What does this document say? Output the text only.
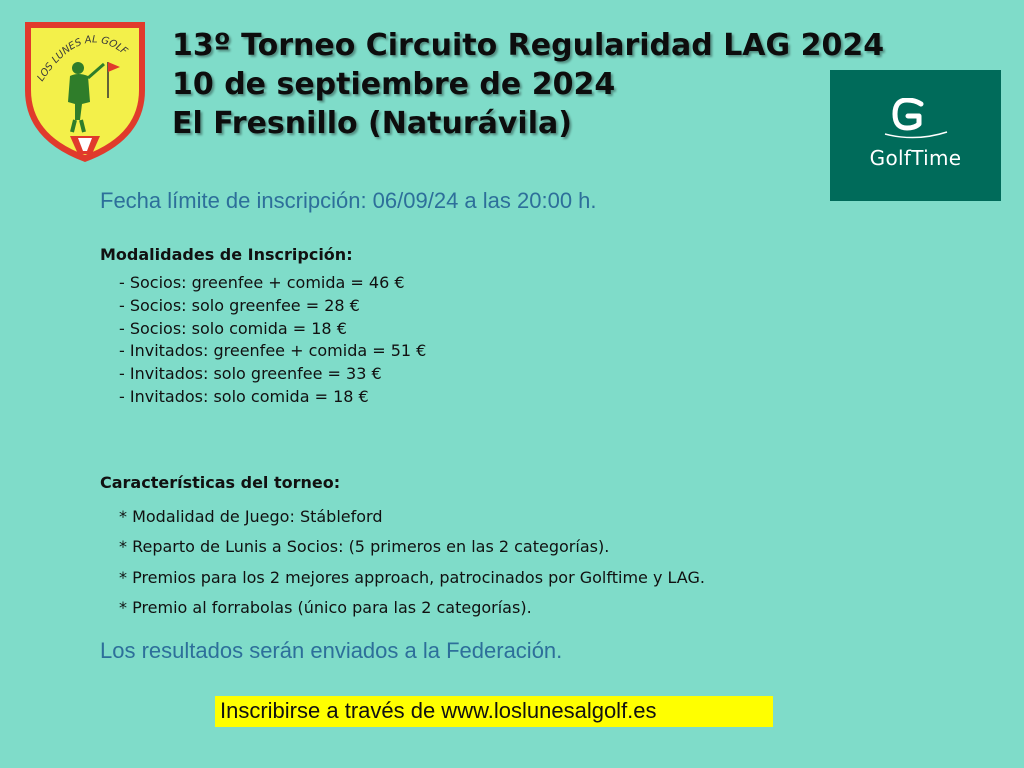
LOS LUNES AL GOLF 13º Torneo Circuito Regularidad LAG 2024
10 de septiembre de 2024
El Fresnillo (Naturávila)
GolfTime
Fecha límite de inscripción: 06/09/24 a las 20:00 h.
Modalidades de Inscripción:
- Socios: greenfee + comida = 46 €
- Socios: solo greenfee = 28 €
- Socios: solo comida = 18 €
- Invitados: greenfee + comida = 51 €
- Invitados: solo greenfee = 33 €
- Invitados: solo comida = 18 €
Características del torneo:
* Modalidad de Juego: Stábleford
* Reparto de Lunis a Socios: (5 primeros en las 2 categorías).
* Premios para los 2 mejores approach, patrocinados por Golftime y LAG.
* Premio al forrabolas (único para las 2 categorías).
Los resultados serán enviados a la Federación.
Inscribirse a través de www.loslunesalgolf.es
